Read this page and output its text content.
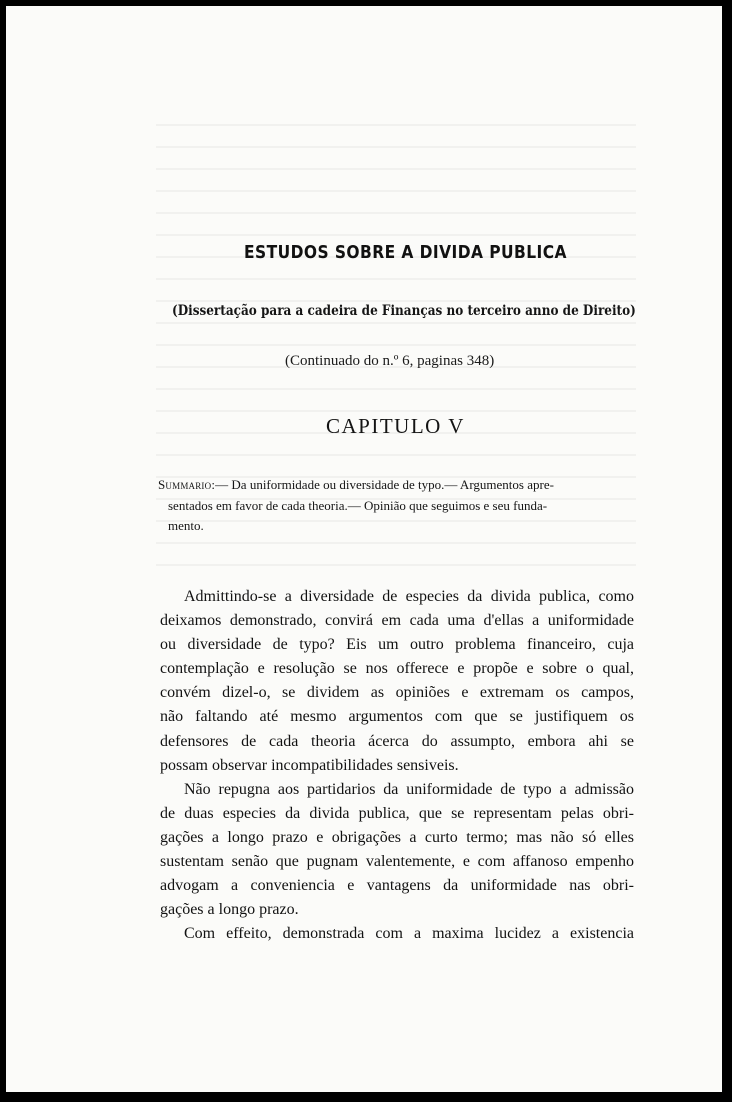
ESTUDOS SOBRE A DIVIDA PUBLICA
(Dissertação para a cadeira de Finanças no terceiro anno de Direito)

(Continuado do n.º 6, paginas 348)

CAPITULO V

Summario:— Da uniformidade ou diversidade de typo.— Argumentos apre-
sentados em favor de cada theoria.— Opinião que seguimos e seu funda-
mento.

Admittindo-se a diversidade de especies da divida publica, como
deixamos demonstrado, convirá em cada uma d'ellas a uniformidade
ou diversidade de typo? Eis um outro problema financeiro, cuja
contemplação e resolução se nos offerece e propõe e sobre o qual,
convém dizel-o, se dividem as opiniões e extremam os campos,
não faltando até mesmo argumentos com que se justifiquem os
defensores de cada theoria ácerca do assumpto, embora ahi se
possam observar incompatibilidades sensiveis.

Não repugna aos partidarios da uniformidade de typo a admissão
de duas especies da divida publica, que se representam pelas obri-
gações a longo prazo e obrigações a curto termo; mas não só elles
sustentam senão que pugnam valentemente, e com affanoso empenho
advogam a conveniencia e vantagens da uniformidade nas obri-
gações a longo prazo.

Com effeito, demonstrada com a maxima lucidez a existencia
